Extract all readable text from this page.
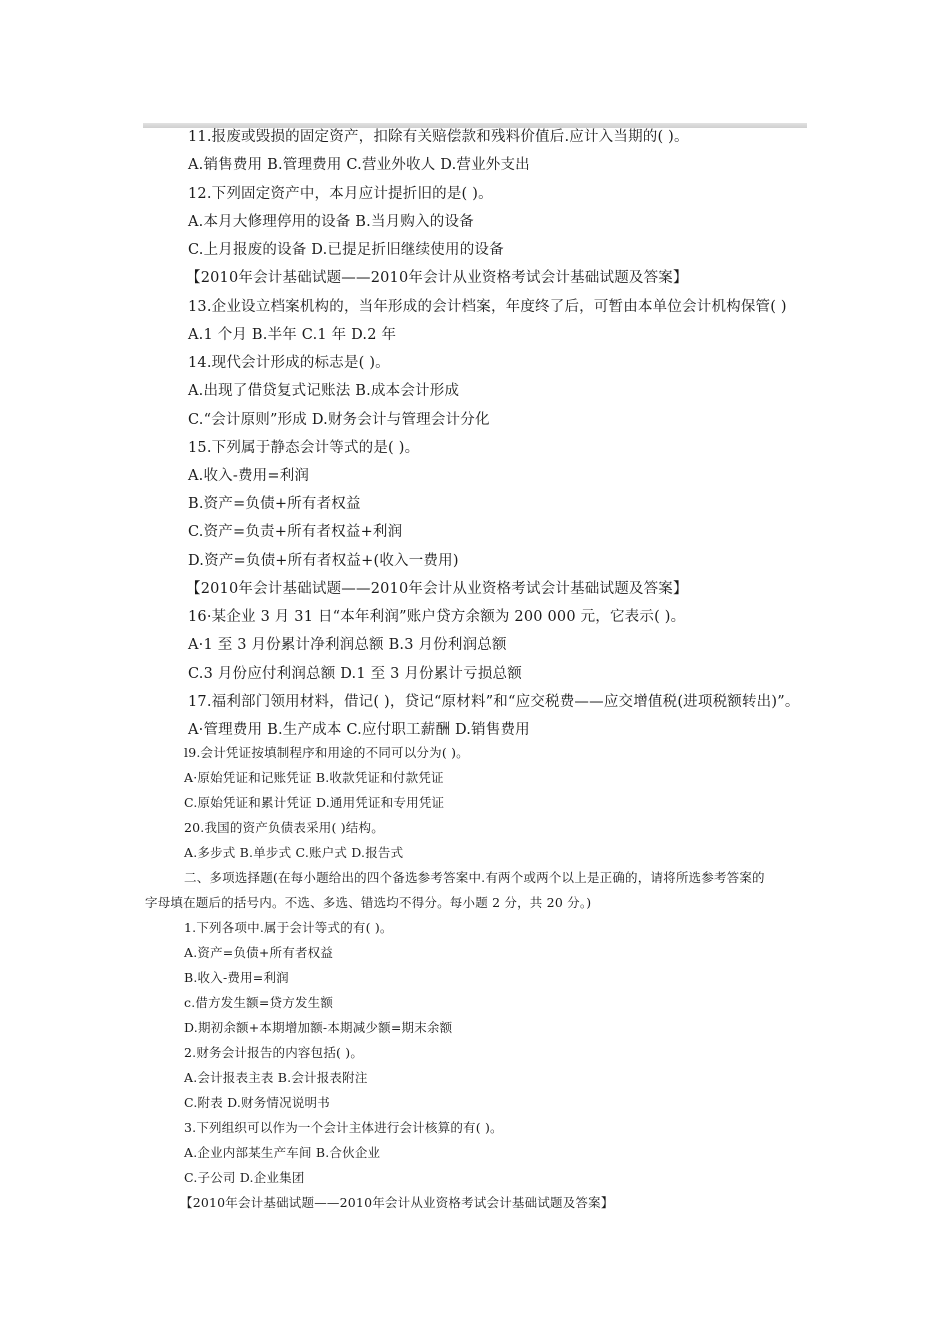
11.报废或毁损的固定资产，扣除有关赔偿款和残料价值后.应计入当期的( )。
A.销售费用 B.管理费用 C.营业外收人 D.营业外支出
12.下列固定资产中，本月应计提折旧的是( )。
A.本月大修理停用的设备 B.当月购入的设备
C.上月报废的设备 D.已提足折旧继续使用的设备
【2010年会计基础试题——2010年会计从业资格考试会计基础试题及答案】
13.企业设立档案机构的，当年形成的会计档案，年度终了后，可暂由本单位会计机构保管( )
A.1 个月 B.半年 C.1 年 D.2 年
14.现代会计形成的标志是( )。
A.出现了借贷复式记账法 B.成本会计形成
C.“会计原则”形成 D.财务会计与管理会计分化
15.下列属于静态会计等式的是( )。
A.收入-费用=利润
B.资产=负债+所有者权益
C.资产=负责+所有者权益+利润
D.资产=负债+所有者权益+(收入一费用)
【2010年会计基础试题——2010年会计从业资格考试会计基础试题及答案】
16·某企业 3 月 31 日“本年利润”账户贷方余额为 200 000 元，它表示( )。
A·1 至 3 月份累计净利润总额 B.3 月份利润总额
C.3 月份应付利润总额 D.1 至 3 月份累计亏损总额
17.福利部门领用材料，借记( )，贷记“原材料”和“应交税费——应交增值税(进项税额转出)”。
A·管理费用 B.生产成本 C.应付职工薪酬 D.销售费用
l9.会计凭证按填制程序和用途的不同可以分为( )。
A·原始凭证和记账凭证 B.收款凭证和付款凭证
C.原始凭证和累计凭证 D.通用凭证和专用凭证
20.我国的资产负债表采用( )结构。
A.多步式 B.单步式 C.账户式 D.报告式
二、多项选择题(在每小题给出的四个备选参考答案中.有两个或两个以上是正确的，请将所选参考答案的
字母填在题后的括号内。不选、多选、错选均不得分。每小题 2 分，共 20 分。)
1.下列各项中.属于会计等式的有( )。
A.资产=负债+所有者权益
B.收入-费用=利润
c.借方发生额=贷方发生额
D.期初余额+本期增加额-本期减少额=期末余额
2.财务会计报告的内容包括( )。
A.会计报表主表 B.会计报表附注
C.附表 D.财务情况说明书
3.下列组织可以作为一个会计主体进行会计核算的有( )。
A.企业内部某生产车间 B.合伙企业
C.子公司 D.企业集团
【2010年会计基础试题——2010年会计从业资格考试会计基础试题及答案】
